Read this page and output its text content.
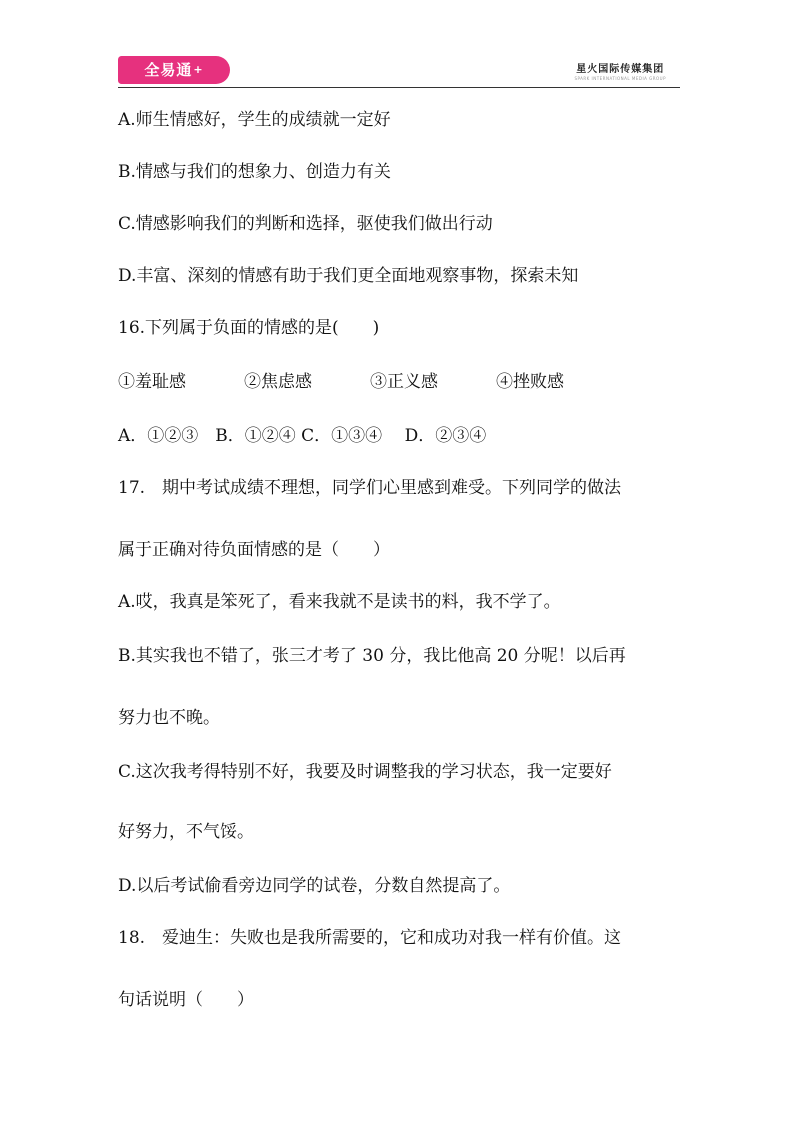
全易通+	星火国际传媒集团
SPARK INTERNATIONAL MEDIA GROUP
A.师生情感好，学生的成绩就一定好
B.情感与我们的想象力、创造力有关
C.情感影响我们的判断和选择，驱使我们做出行动
D.丰富、深刻的情感有助于我们更全面地观察事物，探索未知
16.下列属于负面的情感的是(　　)
①羞耻感	②焦虑感	③正义感	④挫败感
A．①②③　B．①②④ C．①③④　 D．②③④
17.　期中考试成绩不理想，同学们心里感到难受。下列同学的做法
属于正确对待负面情感的是（　　）
A.哎，我真是笨死了，看来我就不是读书的料，我不学了。
B.其实我也不错了，张三才考了 30 分，我比他高 20 分呢！以后再
努力也不晚。
C.这次我考得特别不好，我要及时调整我的学习状态，我一定要好
好努力，不气馁。
D.以后考试偷看旁边同学的试卷，分数自然提高了。
18.　爱迪生：失败也是我所需要的，它和成功对我一样有价值。这
句话说明（　　）
